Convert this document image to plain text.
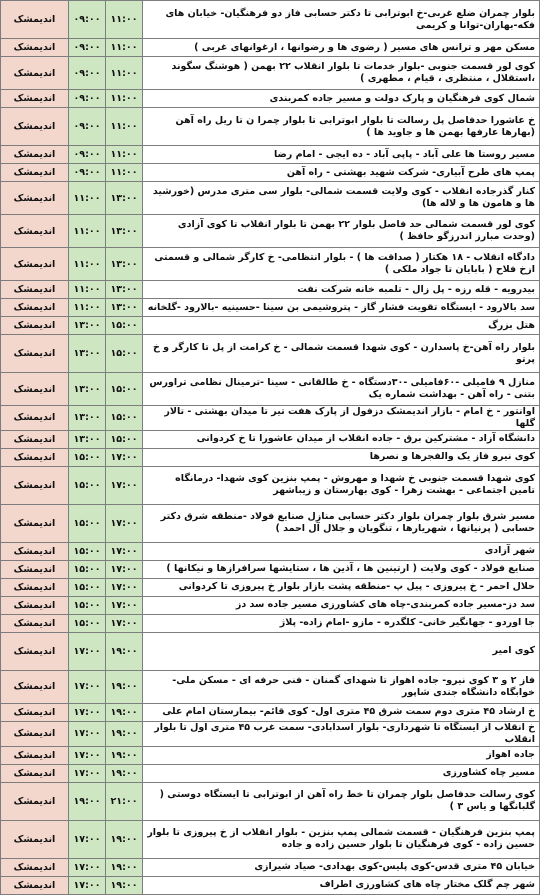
اندیمشک	۰۹:۰۰	۱۱:۰۰	بلوار چمران ضلع غربی-خ ابوترابی تا دکتر حسابی فاز دو فرهنگیان- خیابان های فکه-بهاران-توانا و کریمی
اندیمشک	۰۹:۰۰	۱۱:۰۰	مسکن مهر و ترانس های مسیر ( رضوی ها و رضوانها ، ارغوانهای غربی )
اندیمشک	۰۹:۰۰	۱۱:۰۰	کوی لور قسمت جنوبی -بلوار خدمات تا بلوار انقلاب ۲۲ بهمن ( هوشنگ سگوند ،استقلال ، منتظری ، قیام ، مطهری )
اندیمشک	۰۹:۰۰	۱۱:۰۰	شمال کوی فرهنگیان و پارک دولت و مسیر جاده کمربندی
اندیمشک	۰۹:۰۰	۱۱:۰۰	خ عاشورا حدفاصل پل رسالت تا بلوار ابوترابی تا بلوار چمرا ن تا ریل راه آهن (بهارها عارفها بهمن ها و جاوید ها )
اندیمشک	۰۹:۰۰	۱۱:۰۰	مسیر روستا ها علی آباد - پاپی آباد - ده ایجی - امام رضا
اندیمشک	۰۹:۰۰	۱۱:۰۰	پمپ های طرح آبیاری- شرکت شهید بهشتی - راه آهن
اندیمشک	۱۱:۰۰	۱۳:۰۰	کنار گذرجاده انقلاب - کوی ولایت قسمت شمالی- بلوار سی متری مدرس (خورشید ها و هامون ها و لاله ها)
اندیمشک	۱۱:۰۰	۱۳:۰۰	کوی لور قسمت شمالی حد فاصل بلوار ۲۲ بهمن تا بلوار انقلاب تا کوی آزادی (وحدت مبارز اندرزگو حافظ )
اندیمشک	۱۱:۰۰	۱۳:۰۰	دادگاه انقلاب - ۱۸ هکتار ( صداقت ها ) - بلوار انتظامی- خ کارگر شمالی و قسمتی ازخ فلاح ( بابایان تا جواد ملکی )
اندیمشک	۱۱:۰۰	۱۳:۰۰	بیدرویه - قله رزه - پل زال - تلمبه خانه شرکت نفت
اندیمشک	۱۱:۰۰	۱۳:۰۰	سد بالارود - ایستگاه تقویت فشار گاز - پتروشیمی بن سینا -حسینیه -بالارود -گلخانه
اندیمشک	۱۳:۰۰	۱۵:۰۰	هتل بزرگ
اندیمشک	۱۳:۰۰	۱۵:۰۰	بلوار راه آهن-خ پاسدارن - کوی شهدا قسمت شمالی - خ کرامت از پل تا کارگر و خ پرتو
اندیمشک	۱۳:۰۰	۱۵:۰۰	منازل ۹ فامیلی -۶۰فامیلی -۳۰دستگاه - خ طالقانی - سینا -ترمینال نظامی تراورس بتنی - راه آهن - بهداشت شماره یک
اندیمشک	۱۳:۰۰	۱۵:۰۰	اوانتور - خ امام - بازار اندیمشک دزفول از پارک هفت تیر تا میدان بهشتی - تالار گلها
اندیمشک	۱۳:۰۰	۱۵:۰۰	دانشگاه آزاد - مشترکین برق - جاده انقلاب از میدان عاشورا تا خ کردوانی
اندیمشک	۱۵:۰۰	۱۷:۰۰	کوی نیرو فاز یک والفجرها و نصرها
اندیمشک	۱۵:۰۰	۱۷:۰۰	کوی شهدا قسمت جنوبی خ شهدا و مهروش - پمپ بنزین کوی شهدا- درمانگاه تامین اجتماعی - بهشت زهرا - کوی بهارستان و زیباشهر
اندیمشک	۱۵:۰۰	۱۷:۰۰	مسیر شرق بلوار چمران بلوار دکتر حسابی منازل صنایع فولاد -منطقه شرق دکتر حسابی ( پرنیانها ، شهریارها ، تنگویان و جلال آل احمد )
اندیمشک	۱۵:۰۰	۱۷:۰۰	شهر آزادی
اندیمشک	۱۵:۰۰	۱۷:۰۰	صنایع فولاد - کوی ولایت ( ارتینین ها ، آذین ها ، ستایشها سرافرازها و نیکانها )
اندیمشک	۱۵:۰۰	۱۷:۰۰	حلال احمر - خ پیروزی - پیل پ -منطقه پشت بازار بلوار خ پیروزی تا کردوانی
اندیمشک	۱۵:۰۰	۱۷:۰۰	سد دز-مسیر جاده کمربندی-چاه های کشاورزی مسیر جاده سد دز
اندیمشک	۱۵:۰۰	۱۷:۰۰	جا اوردو - جهانگیر خانی- کلگدره - مازو -امام زاده- پلاژ
اندیمشک	۱۷:۰۰	۱۹:۰۰	کوی امیر
اندیمشک	۱۷:۰۰	۱۹:۰۰	فاز ۲ و ۳ کوی نیرو- جاده اهواز تا شهدای گمنان - فنی حرفه ای - مسکن ملی- خوابگاه دانشگاه جندی شاپور
اندیمشک	۱۷:۰۰	۱۹:۰۰	خ ارشاد ۴۵ متری دوم سمت شرق ۴۵ متری اول- کوی قائم- بیمارستان امام علی
اندیمشک	۱۷:۰۰	۱۹:۰۰	خ انقلاب از ایستگاه تا شهرداری- بلوار اسدآبادی- سمت غرب ۴۵ متری اول تا بلوار انقلاب
اندیمشک	۱۷:۰۰	۱۹:۰۰	جاده اهواز
اندیمشک	۱۷:۰۰	۱۹:۰۰	مسیر چاه کشاورزی
اندیمشک	۱۹:۰۰	۲۱:۰۰	کوی رسالت حدفاصل بلوار چمران تا خط راه آهن از ابوترابی تا ایستگاه دوستی ( گلبانگها و یاس ۳ )
اندیمشک	۱۷:۰۰	۱۹:۰۰	پمپ بنزین فرهنگیان - قسمت شمالی پمپ بنزین - بلوار انقلاب از خ پیروزی تا بلوار حسین زاده - کوی فرهنگیان تا بلوار حسین زاده و جاده
اندیمشک	۱۷:۰۰	۱۹:۰۰	خیابان ۴۵ متری قدس-کوی پلیس-کوی بهدادی- صیاد شیرازی
اندیمشک	۱۷:۰۰	۱۹:۰۰	شهر چم گلک مختار چاه های کشاورزی اطراف
